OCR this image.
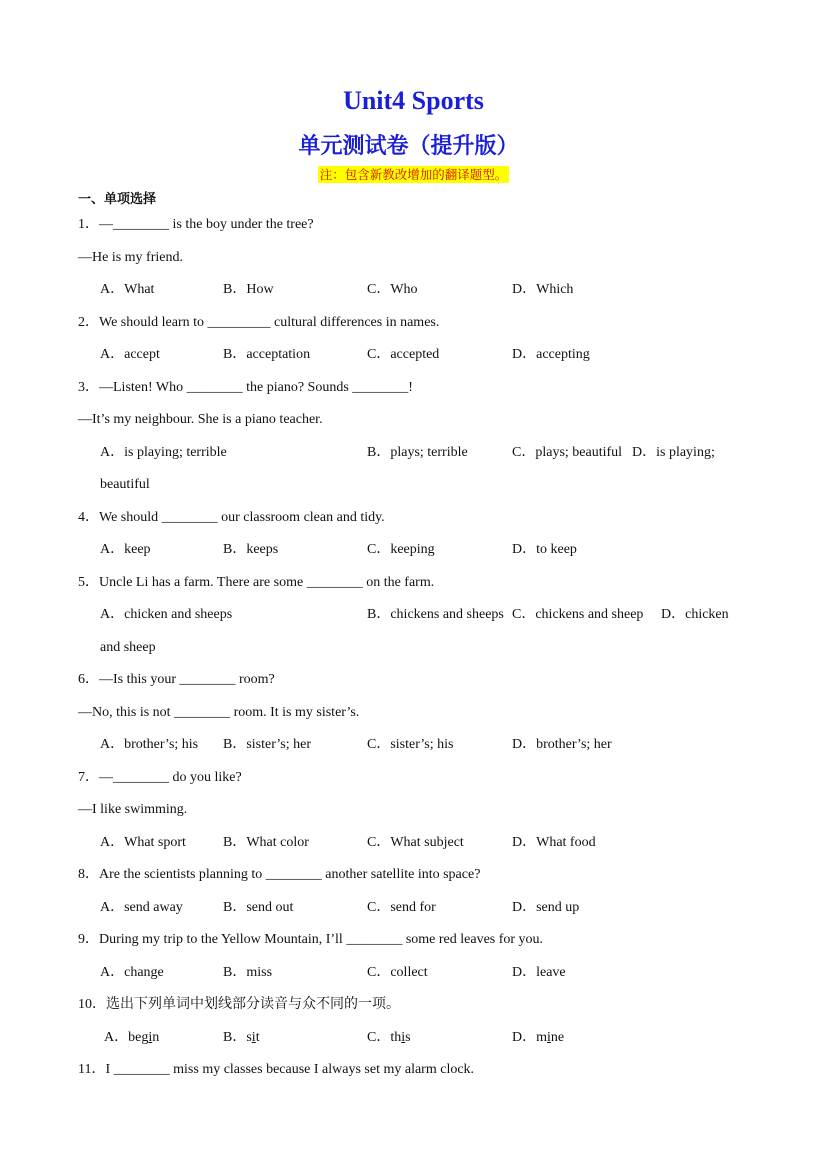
Unit4 Sports
单元测试卷（提升版）
注：包含新教改增加的翻译题型。
一、单项选择
1．—________ is the boy under the tree?
—He is my friend.
A．What	B．How	C．Who	D．Which
2．We should learn to _________ cultural differences in names.
A．accept	B．acceptation	C．accepted	D．accepting
3．—Listen! Who ________ the piano? Sounds ________!
—It’s my neighbour. She is a piano teacher.
A．is playing; terrible	B．plays; terrible	C．plays; beautiful D．is playing;
beautiful
4．We should ________ our classroom clean and tidy.
A．keep	B．keeps	C．keeping	D．to keep
5．Uncle Li has a farm. There are some ________ on the farm.
A．chicken and sheeps	B．chickens and sheeps C．chickens and sheep D．chicken
and sheep
6．—Is this your ________ room?
—No, this is not ________ room. It is my sister’s.
A．brother’s; his B．sister’s; her	C．sister’s; his	D．brother’s; her
7．—________ do you like?
—I like swimming.
A．What sport	B．What color	C．What subject	D．What food
8．Are the scientists planning to ________ another satellite into space?
A．send away	B．send out	C．send for	D．send up
9．During my trip to the Yellow Mountain, I’ll ________ some red leaves for you.
A．change	B．miss	C．collect	D．leave
10．选出下列单词中划线部分读音与众不同的一项。
A．begin	B．sit	C．this	D．mine
11．I ________ miss my classes because I always set my alarm clock.
